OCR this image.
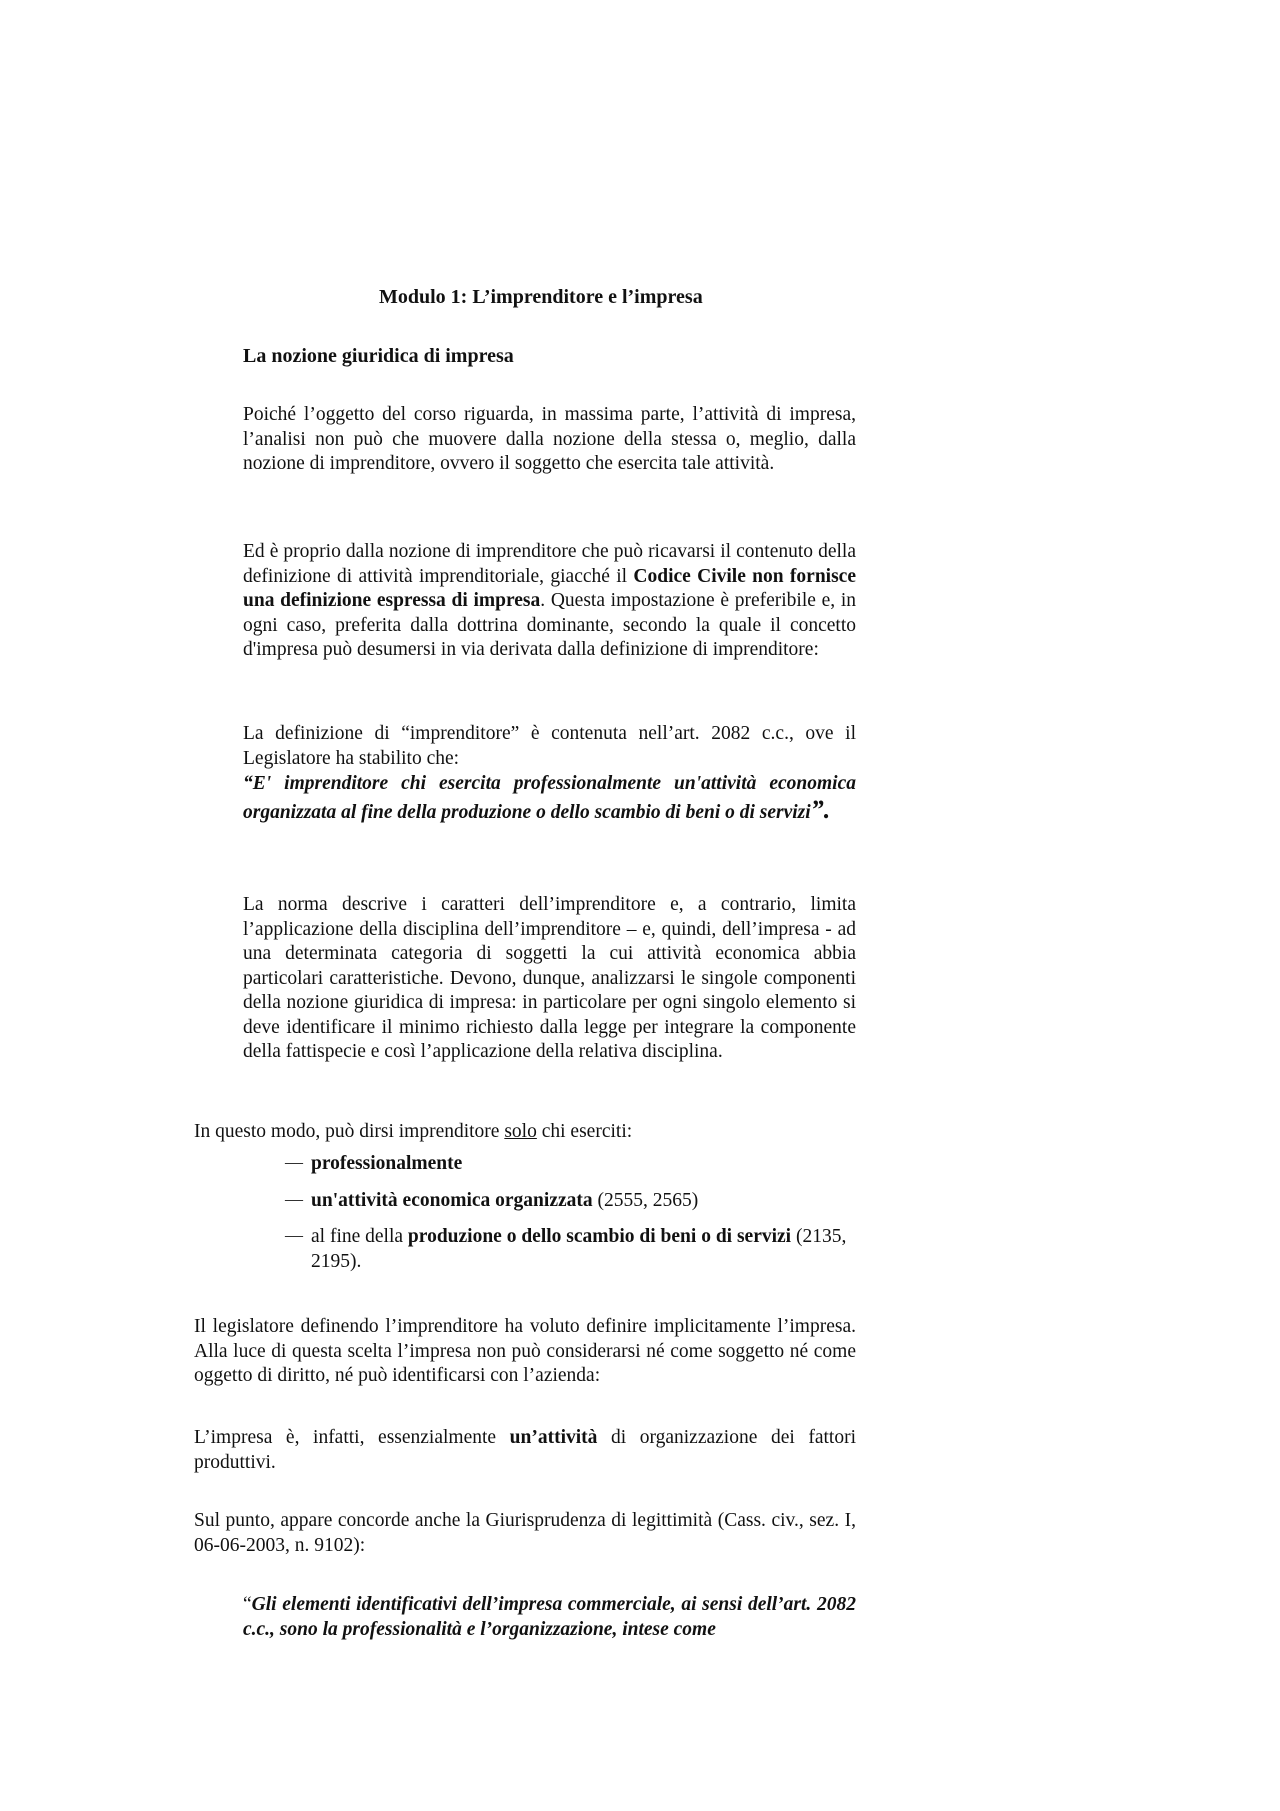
Modulo 1: L’imprenditore e l’impresa
La nozione giuridica di impresa

Poiché l’oggetto del corso riguarda, in massima parte, l’attività di impresa, l’analisi non può che muovere dalla nozione della stessa o, meglio, dalla nozione di imprenditore, ovvero il soggetto che esercita tale attività.

Ed è proprio dalla nozione di imprenditore che può ricavarsi il contenuto della definizione di attività imprenditoriale, giacché il Codice Civile non fornisce una definizione espressa di impresa. Questa impostazione è preferibile e, in ogni caso, preferita dalla dottrina dominante, secondo la quale il concetto d'impresa può desumersi in via derivata dalla definizione di imprenditore:

La definizione di “imprenditore” è contenuta nell’art. 2082 c.c., ove il Legislatore ha stabilito che:
“E' imprenditore chi esercita professionalmente un'attività economica organizzata al fine della produzione o dello scambio di beni o di servizi”.

La norma descrive i caratteri dell’imprenditore e, a contrario, limita l’applicazione della disciplina dell’imprenditore – e, quindi, dell’impresa - ad una determinata categoria di soggetti la cui attività economica abbia particolari caratteristiche. Devono, dunque, analizzarsi le singole componenti della nozione giuridica di impresa: in particolare per ogni singolo elemento si deve identificare il minimo richiesto dalla legge per integrare la componente della fattispecie e così l’applicazione della relativa disciplina.

In questo modo, può dirsi imprenditore solo chi eserciti:

— professionalmente
— un'attività economica organizzata (2555, 2565)
— al fine della produzione o dello scambio di beni o di servizi (2135, 2195).

Il legislatore definendo l’imprenditore ha voluto definire implicitamente l’impresa. Alla luce di questa scelta l’impresa non può considerarsi né come soggetto né come oggetto di diritto, né può identificarsi con l’azienda:

L’impresa è, infatti, essenzialmente un’attività di organizzazione dei fattori produttivi.

Sul punto, appare concorde anche la Giurisprudenza di legittimità (Cass. civ., sez. I, 06-06-2003, n. 9102):

“Gli elementi identificativi dell’impresa commerciale, ai sensi dell’art. 2082 c.c., sono la professionalità e l’organizzazione, intese come
